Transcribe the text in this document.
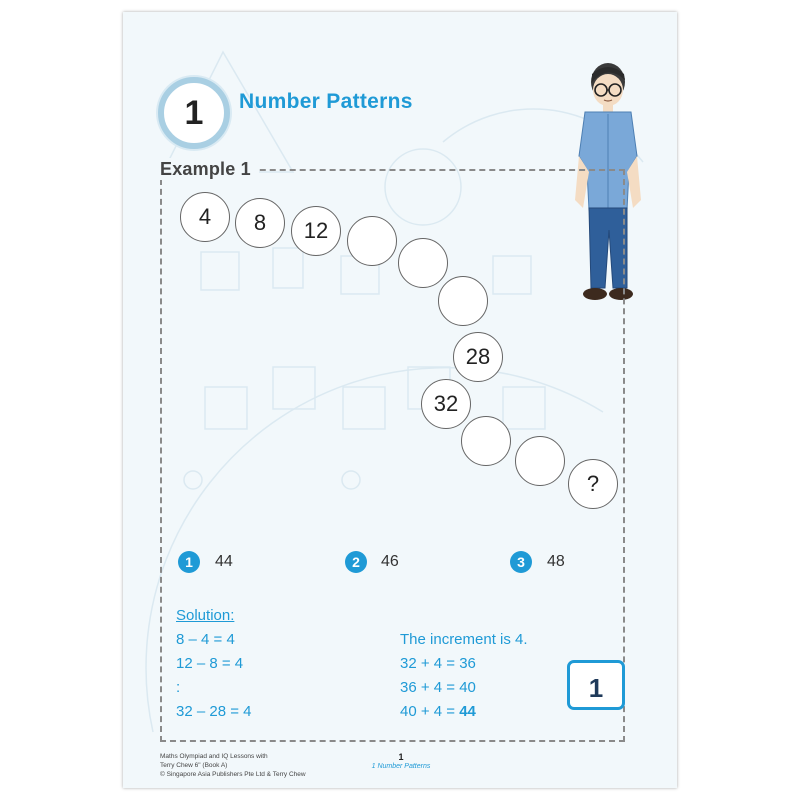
1	Number Patterns
Example 1
4	8	12
28
32
?
1	44	2	46	3	48
Solution:
8 – 4 = 4
12 – 8 = 4
:
32 – 28 = 4
The increment is 4.
32 + 4 = 36
36 + 4 = 40
40 + 4 = 44
1
Maths Olympiad and IQ Lessons with
Terry Chew 6" (Book A)
© Singapore Asia Publishers Pte Ltd & Terry Chew
1
1 Number Patterns
